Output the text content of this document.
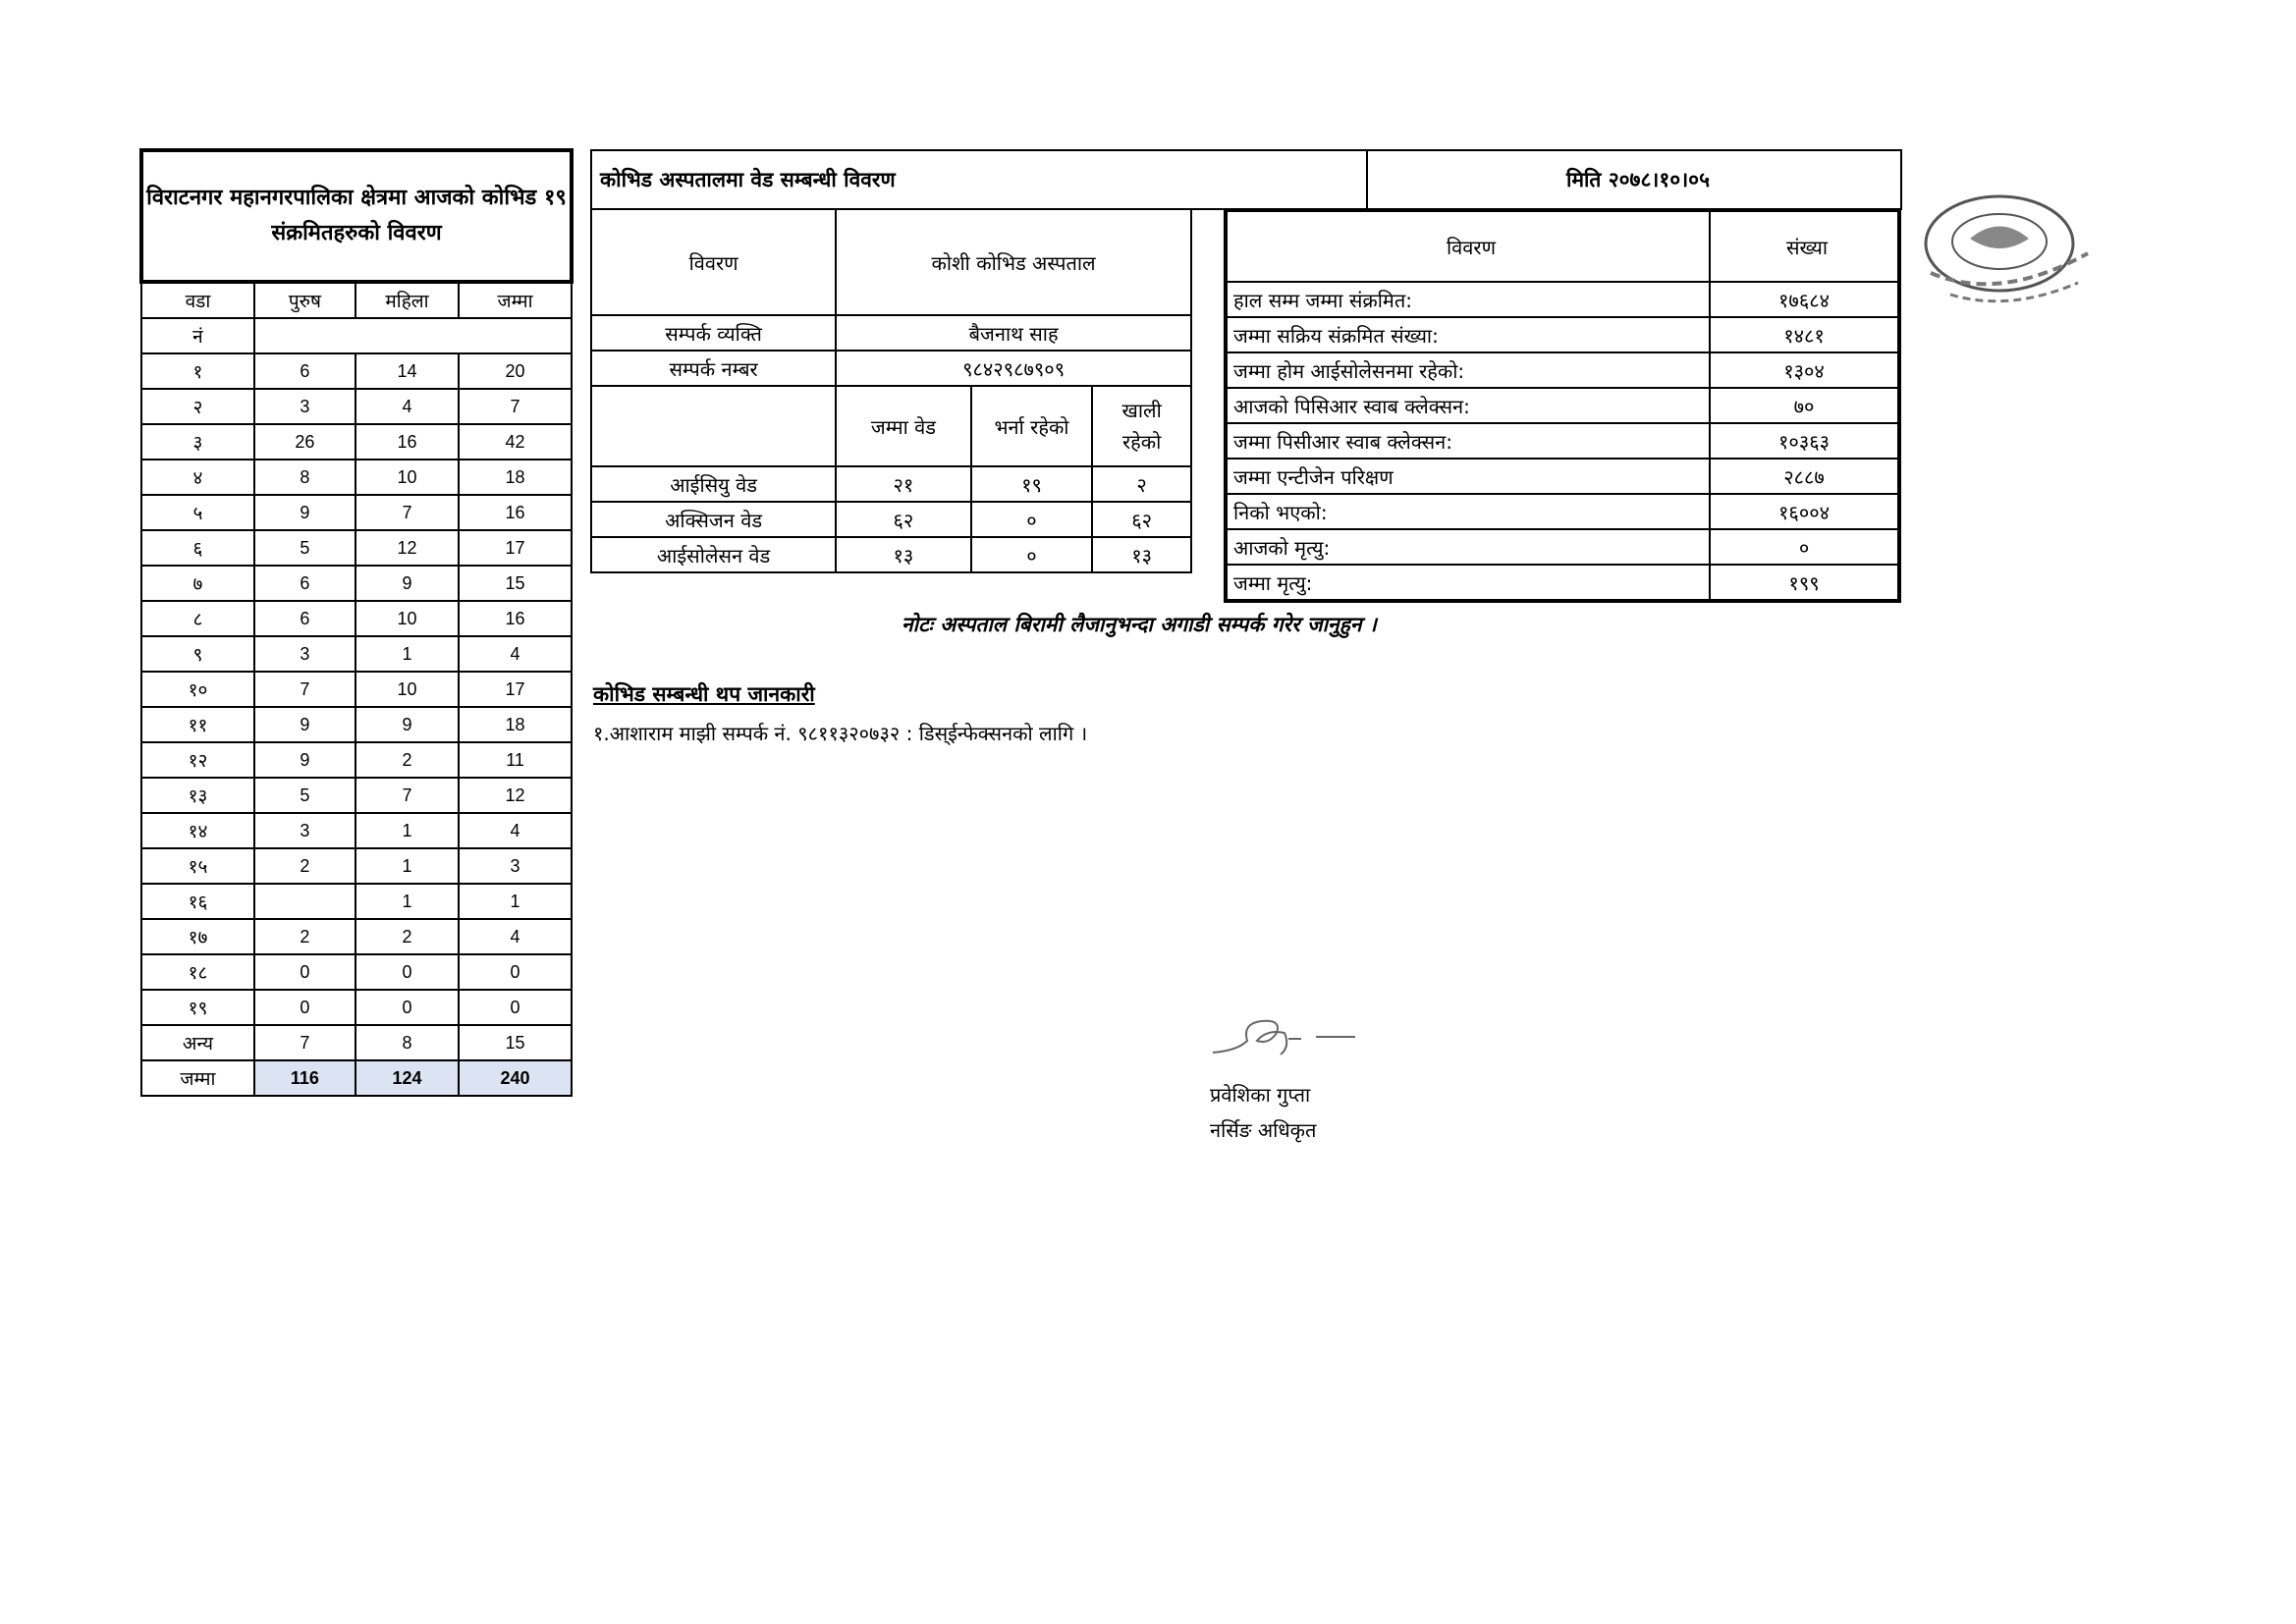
विराटनगर महानगरपालिका क्षेत्रमा आजको कोभिड १९ संक्रमितहरुको विवरण			
वडा	पुरुष	महिला	जम्मा
नं			
१	6	14	20
२	3	4	7
३	26	16	42
४	8	10	18
५	9	7	16
६	5	12	17
७	6	9	15
८	6	10	16
९	3	1	4
१०	7	10	17
११	9	9	18
१२	9	2	11
१३	5	7	12
१४	3	1	4
१५	2	1	3
१६		1	1
१७	2	2	4
१८	0	0	0
१९	0	0	0
अन्य	7	8	15
जम्मा	116	124	240
कोभिड अस्पतालमा वेड सम्बन्धी विवरण	मिति २०७८।१०।०५
विवरण	कोशी कोभिड अस्पताल		
सम्पर्क व्यक्ति	बैजनाथ साह		
सम्पर्क नम्बर	९८४२९८७९०९		
	जम्मा वेड	भर्ना रहेको	खाली
रहेको
आईसियु वेड	२१	१९	२
अक्सिजन वेड	६२	०	६२
आईसोलेसन वेड	१३	०	१३
विवरण	संख्या
हाल सम्म जम्मा संक्रमित:	१७६८४
जम्मा सक्रिय संक्रमित संख्या:	१४८१
जम्मा होम आईसोलेसनमा रहेको:	१३०४
आजको पिसिआर स्वाब क्लेक्सन:	७०
जम्मा पिसीआर स्वाब क्लेक्सन:	१०३६३
जम्मा एन्टीजेन परिक्षण	२८८७
निको भएको:	१६००४
आजको मृत्यु:	०
जम्मा मृत्यु:	१९९
नोटः अस्पताल बिरामी लैजानुभन्दा अगाडी सम्पर्क गरेर जानुहुन ।
कोभिड सम्बन्धी थप जानकारी
१.आशाराम माझी सम्पर्क नं. ९८११३२०७३२ : डिस्ईन्फेक्सनको लागि ।
प्रवेशिका गुप्ता
नर्सिङ अधिकृत
